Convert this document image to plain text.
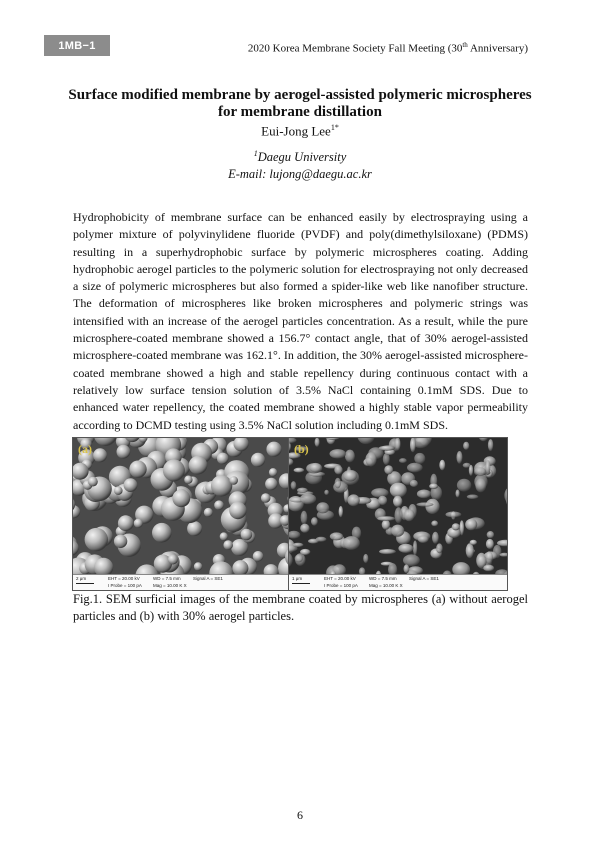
1MB−1	2020 Korea Membrane Society Fall Meeting (30th Anniversary)
Surface modified membrane by aerogel-assisted polymeric microspheres
for membrane distillation
Eui-Jong Lee$^{1*}$
$^1$Daegu University
E-mail: lujong@daegu.ac.kr

Hydrophobicity of membrane surface can be enhanced easily by electrospraying using a polymer mixture of polyvinylidene fluoride (PVDF) and poly(dimethylsiloxane) (PDMS) resulting in a superhydrophobic surface by polymeric microspheres coating. Adding hydrophobic aerogel particles to the polymeric solution for electrospraying not only decreased a size of polymeric microspheres but also formed a spider-like web like nanofiber structure. The deformation of microspheres like broken microspheres and polymeric strings was intensified with an increase of the aerogel particles concentration. As a result, while the pure microsphere-coated membrane showed a 156.7° contact angle, that of 30% aerogel-assisted microsphere-coated membrane was 162.1°. In addition, the 30% aerogel-assisted microsphere-coated membrane showed a high and stable repellency during continuous contact with a relatively low surface tension solution of 3.5% NaCl containing 0.1mM SDS. Due to enhanced water repellency, the coated membrane showed a highly stable vapor permeability according to DCMD testing using 3.5% NaCl solution including 0.1mM SDS.

(a)
2 μm	EHT = 20.00 kV
I Probe = 100 pA
WD = 7.5 mm
Mag = 10.00 K X
Signal A = SE1
(b)
1 μm	EHT = 20.00 kV
I Probe = 100 pA
WD = 7.5 mm
Mag = 10.00 K X
Signal A = SE1
Fig.1. SEM surficial images of the membrane coated by microspheres (a) without aerogel particles and (b) with 30% aerogel particles.
6
